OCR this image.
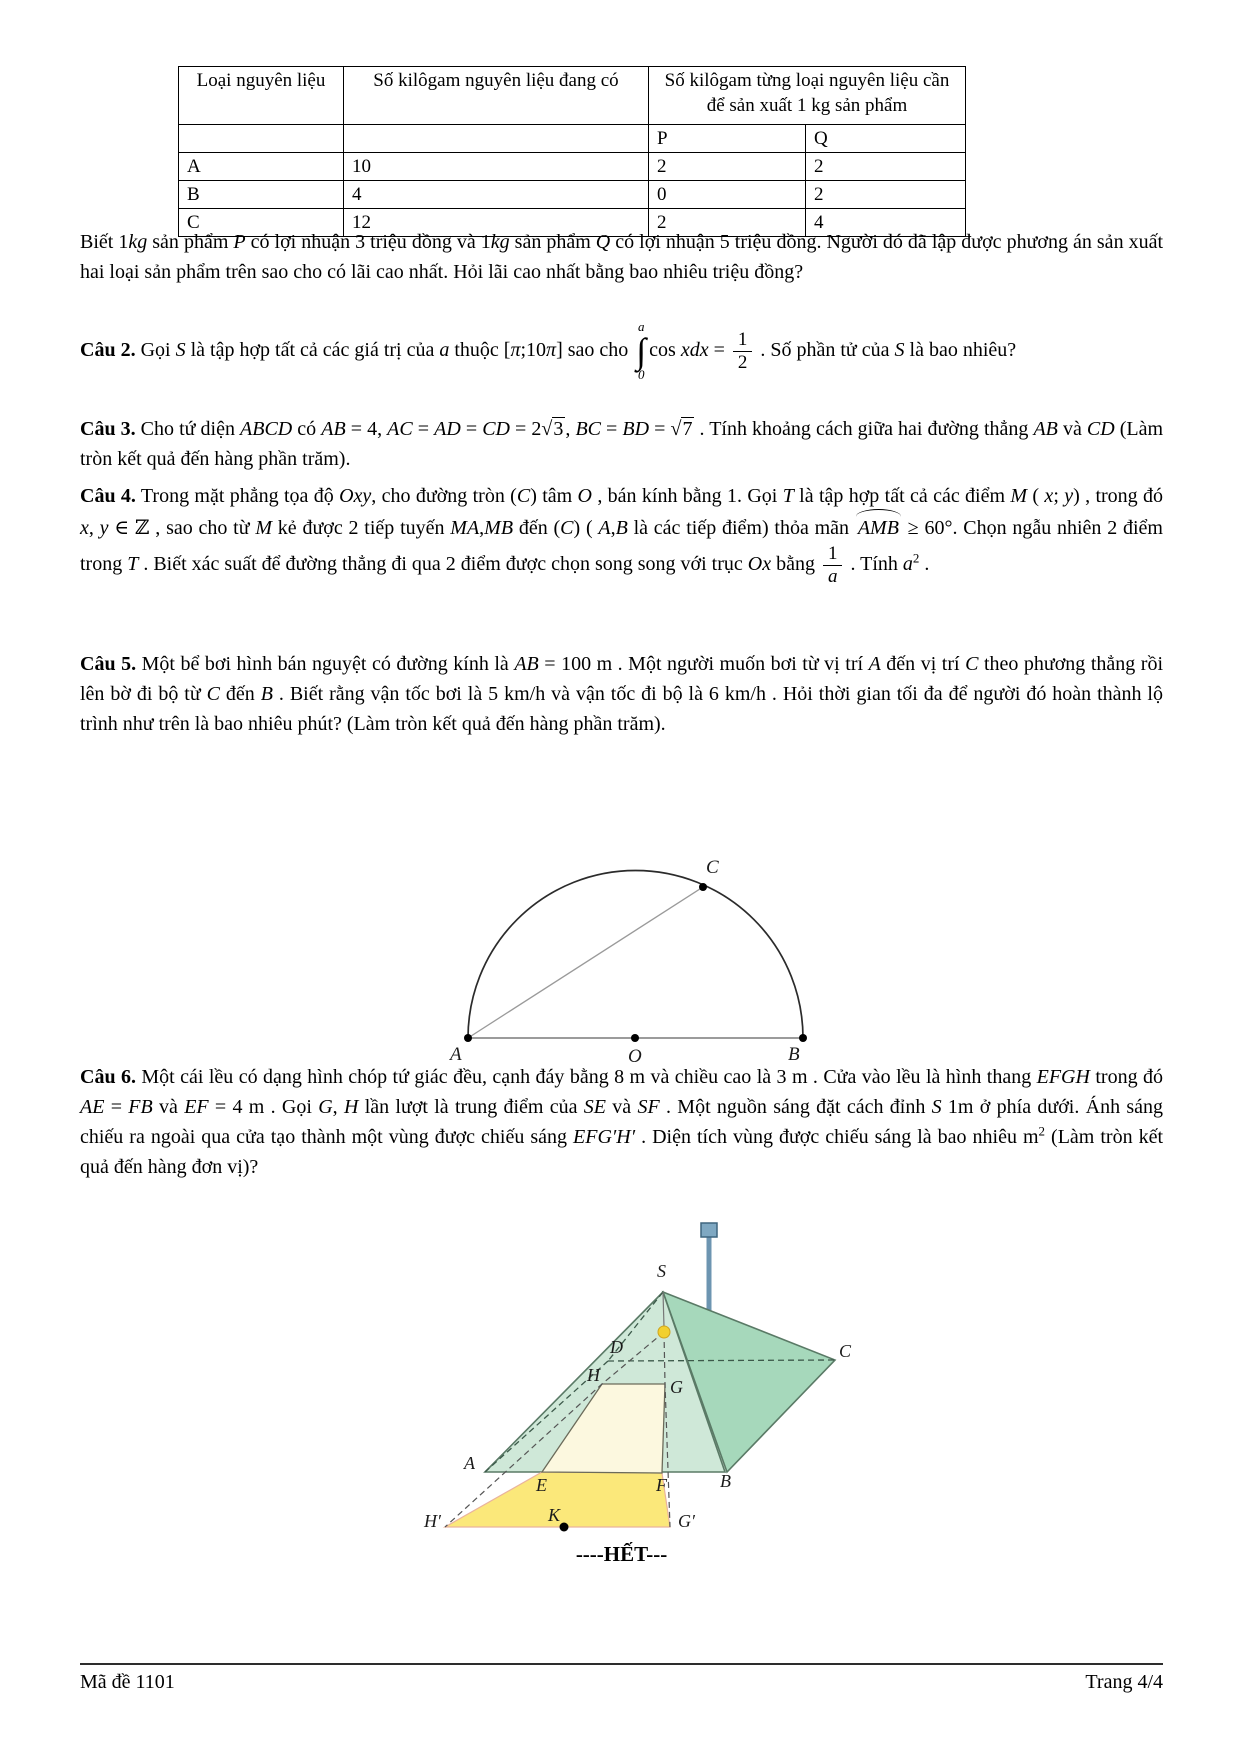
Loại nguyên liệu	Số kilôgam nguyên liệu đang có	Số kilôgam từng loại nguyên liệu cần để sản xuất 1 kg sản phẩm	
		P	Q
A	10	2	2
B	4	0	2
C	12	2	4
Biết 1kg sản phẩm P có lợi nhuận 3 triệu đồng và 1kg sản phẩm Q có lợi nhuận 5 triệu đồng. Người đó đã lập được phương án sản xuất hai loại sản phẩm trên sao cho có lãi cao nhất. Hỏi lãi cao nhất bằng bao nhiêu triệu đồng?
Câu 2. Gọi S là tập hợp tất cả các giá trị của a thuộc [π;10π] sao cho
a
∫
0
cos xdx = $\frac{1}{2}$ . Số phần tử của S là bao nhiêu?
Câu 3. Cho tứ diện ABCD có AB = 4, AC = AD = CD = 2√3 , BC = BD = √7 . Tính khoảng cách giữa hai đường thẳng AB và CD (Làm tròn kết quả đến hàng phần trăm).
Câu 4. Trong mặt phẳng tọa độ Oxy, cho đường tròn (C) tâm O , bán kính bằng 1. Gọi T là tập hợp tất cả các điểm M ( x; y) , trong đó x, y ∈ ℤ , sao cho từ M kẻ được 2 tiếp tuyến MA,MB đến (C) ( A,B là các tiếp điểm) thỏa mãn AMB ≥ 60°. Chọn ngẫu nhiên 2 điểm trong T . Biết xác suất để đường thẳng đi qua 2 điểm được chọn song song với trục Ox bằng $\frac{1}{a}$ . Tính $a^2$ .
Câu 5. Một bể bơi hình bán nguyệt có đường kính là AB = 100 m . Một người muốn bơi từ vị trí A đến vị trí C theo phương thẳng rồi lên bờ đi bộ từ C đến B . Biết rằng vận tốc bơi là 5 km/h và vận tốc đi bộ là 6 km/h . Hỏi thời gian tối đa để người đó hoàn thành lộ trình như trên là bao nhiêu phút? (Làm tròn kết quả đến hàng phần trăm).
Câu 6. Một cái lều có dạng hình chóp tứ giác đều, cạnh đáy bằng 8 m và chiều cao là 3 m . Cửa vào lều là hình thang EFGH trong đó AE = FB và EF = 4 m . Gọi G, H lần lượt là trung điểm của SE và SF . Một nguồn sáng đặt cách đỉnh S 1m ở phía dưới. Ánh sáng chiếu ra ngoài qua cửa tạo thành một vùng được chiếu sáng EFG′H′ . Diện tích vùng được chiếu sáng là bao nhiêu $m^2$ (Làm tròn kết quả đến hàng đơn vị)?
A	O	B
C
S
D	C
H
G
A
E	F	B
H′	K	G′
----HẾT---
Mã đề 1101	Trang 4/4
